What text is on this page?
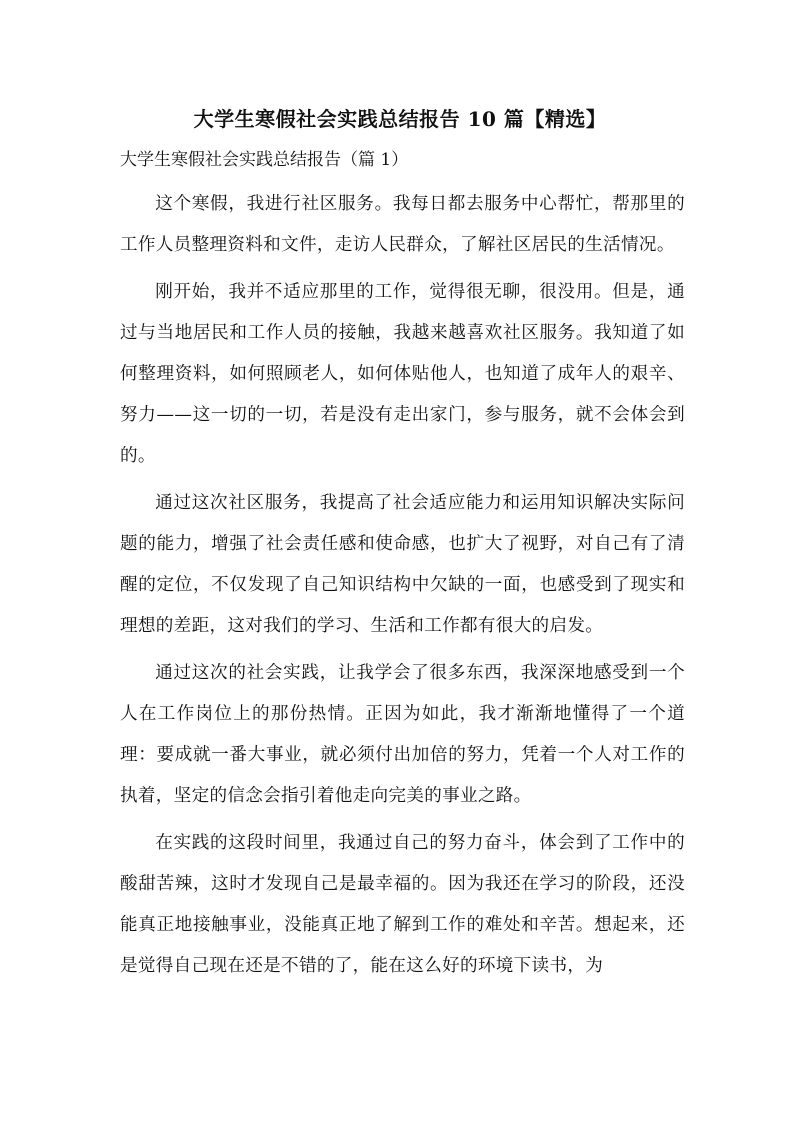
大学生寒假社会实践总结报告 10 篇【精选】

大学生寒假社会实践总结报告（篇 1）

这个寒假，我进行社区服务。我每日都去服务中心帮忙，帮那里的工作人员整理资料和文件，走访人民群众，了解社区居民的生活情况。

刚开始，我并不适应那里的工作，觉得很无聊，很没用。但是，通过与当地居民和工作人员的接触，我越来越喜欢社区服务。我知道了如何整理资料，如何照顾老人，如何体贴他人，也知道了成年人的艰辛、努力——这一切的一切，若是没有走出家门，参与服务，就不会体会到的。

通过这次社区服务，我提高了社会适应能力和运用知识解决实际问题的能力，增强了社会责任感和使命感，也扩大了视野，对自己有了清醒的定位，不仅发现了自己知识结构中欠缺的一面，也感受到了现实和理想的差距，这对我们的学习、生活和工作都有很大的启发。

通过这次的社会实践，让我学会了很多东西，我深深地感受到一个人在工作岗位上的那份热情。正因为如此，我才渐渐地懂得了一个道理：要成就一番大事业，就必须付出加倍的努力，凭着一个人对工作的执着，坚定的信念会指引着他走向完美的事业之路。

在实践的这段时间里，我通过自己的努力奋斗，体会到了工作中的酸甜苦辣，这时才发现自己是最幸福的。因为我还在学习的阶段，还没能真正地接触事业，没能真正地了解到工作的难处和辛苦。想起来，还是觉得自己现在还是不错的了，能在这么好的环境下读书，为
